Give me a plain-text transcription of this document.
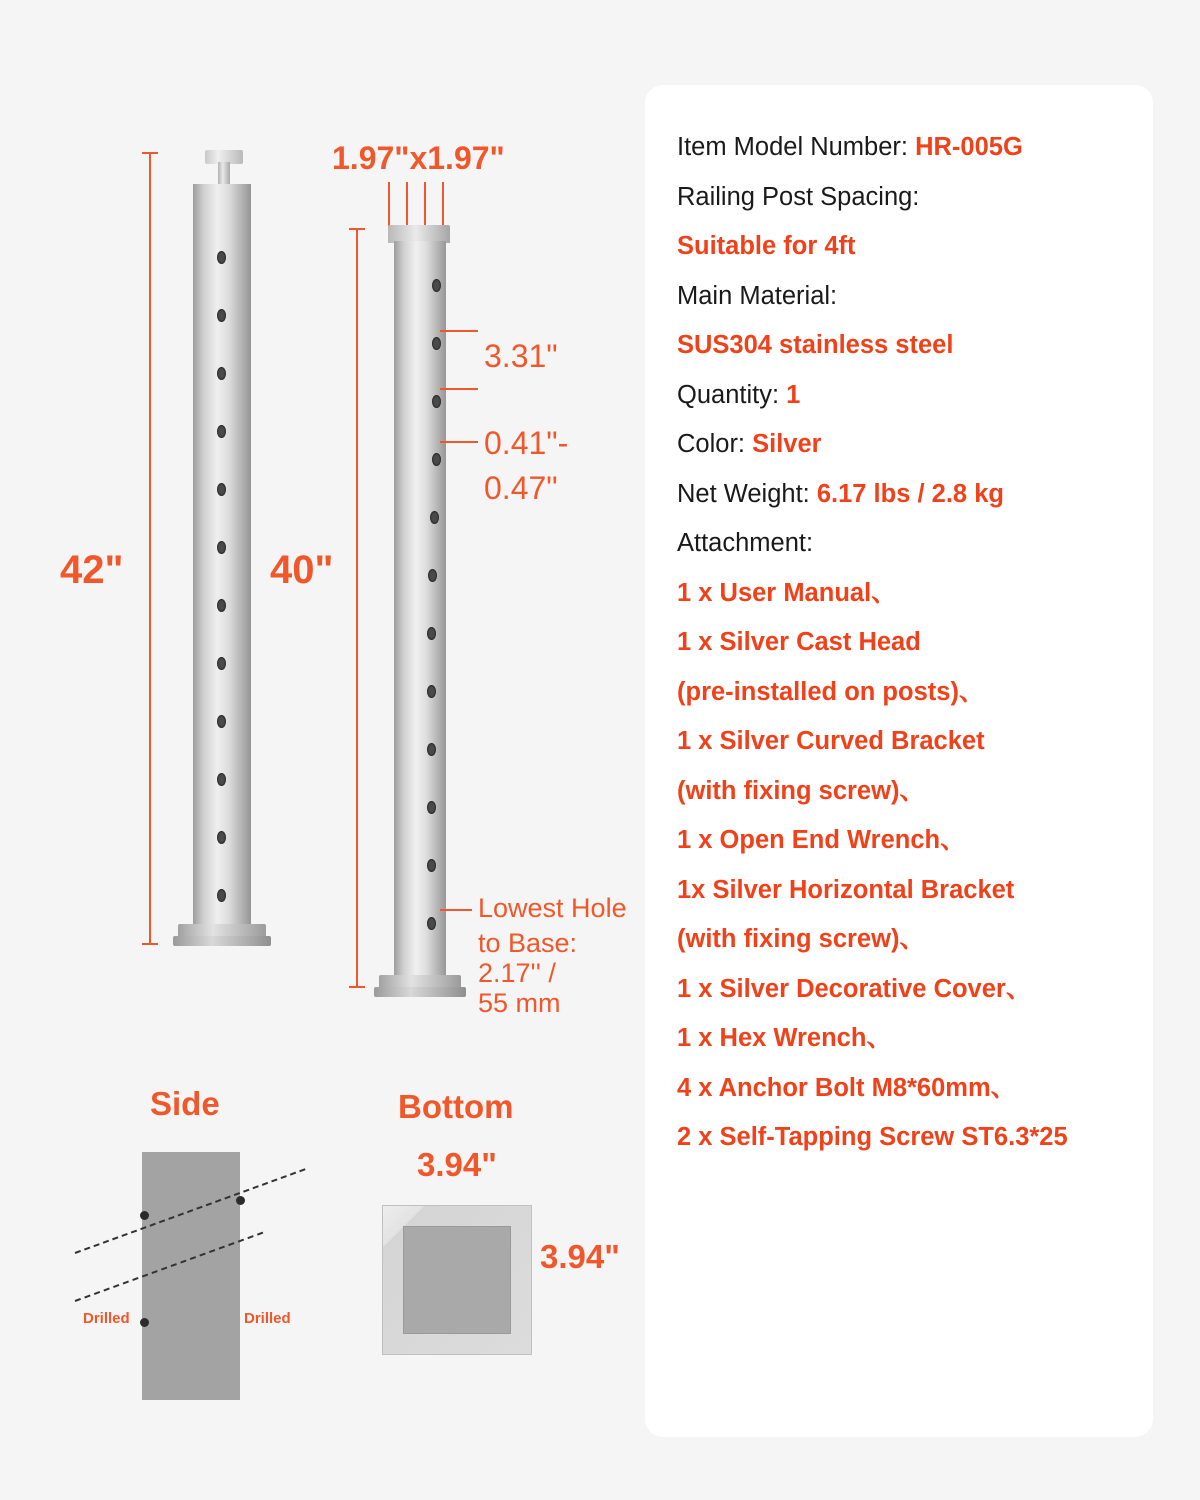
42"	40"
1.97"x1.97"
3.31"
0.41"-
0.47"
Lowest Hole
to Base:
2.17'' /
55 mm
Side
Drilled	Drilled
Bottom
3.94"
3.94"
Item Model Number: HR-005G
Railing Post Spacing:
Suitable for 4ft
Main Material:
SUS304 stainless steel
Quantity: 1
Color: Silver
Net Weight: 6.17 lbs / 2.8 kg
Attachment:
1 x User Manual、
1 x Silver Cast Head
(pre-installed on posts)、
1 x Silver Curved Bracket
(with fixing screw)、
1 x Open End Wrench、
1x Silver Horizontal Bracket
(with fixing screw)、
1 x Silver Decorative Cover、
1 x Hex Wrench、
4 x Anchor Bolt M8*60mm、
2 x Self-Tapping Screw ST6.3*25
